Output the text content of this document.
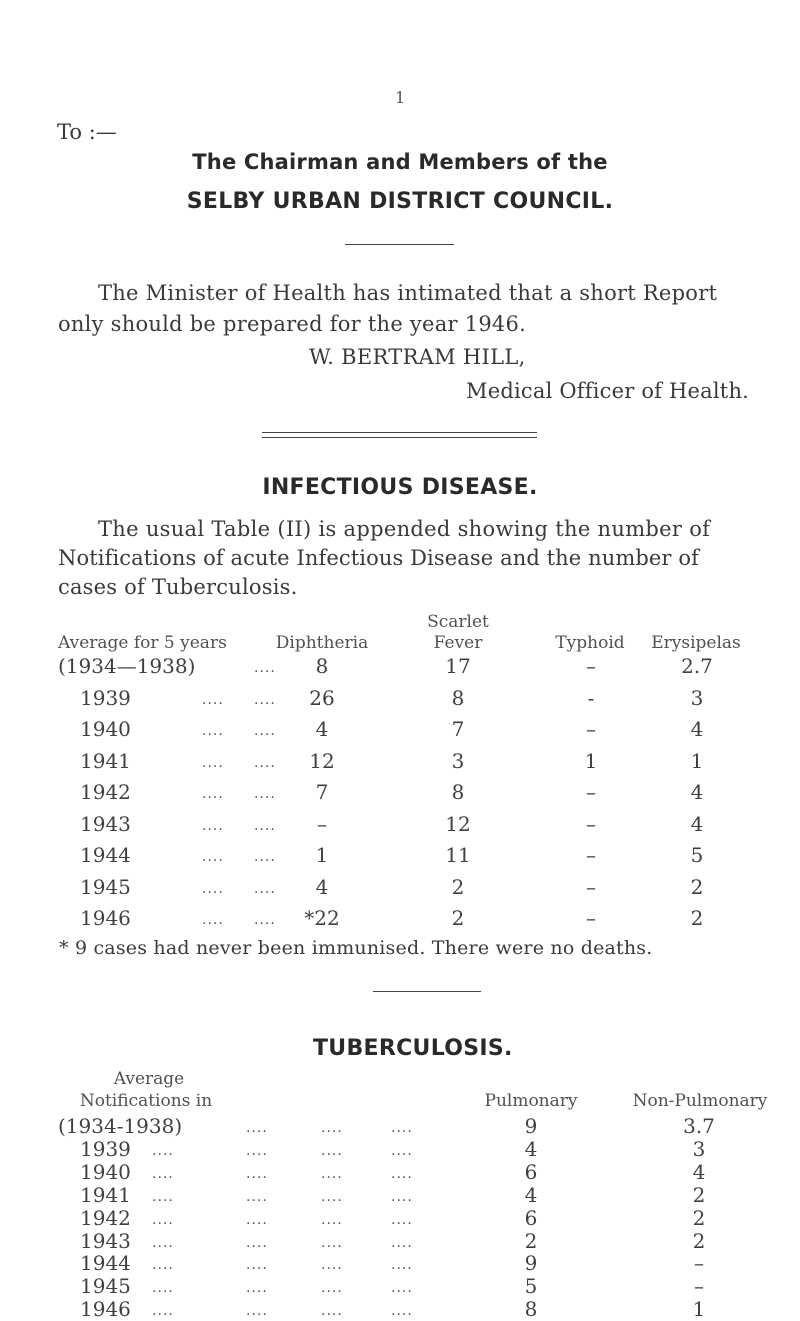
1
To :—
The Chairman and Members of the
SELBY URBAN DISTRICT COUNCIL.
The Minister of Health has intimated that a short Report
only should be prepared for the year 1946.
W. BERTRAM HILL,
Medical Officer of Health.
INFECTIOUS DISEASE.
The usual Table (II) is appended showing the number of
Notifications of acute Infectious Disease and the number of
cases of Tuberculosis.
Average for 5 years	Diphtheria
Scarlet
Fever	Typhoid Erysipelas
(1934—1938)	.... 8	17	–	2.7
1939	.... .... 26	8	-	3
1940	.... .... 4	7	–	4
1941	.... .... 12	3	1	1
1942	.... .... 7	8	–	4
1943	.... .... –	12	–	4
1944	.... .... 1	11	–	5
1945	.... .... 4	2	–	2
1946	.... .... *22	2	–	2
* 9 cases had never been immunised. There were no deaths.
TUBERCULOSIS.
Average
Notifications in	Pulmonary	Non-Pulmonary
(1934-1938)	....	....	....	9	3.7
1939 ....	....	....	....	4	3
1940 ....	....	....	....	6	4
1941 ....	....	....	....	4	2
1942 ....	....	....	....	6	2
1943 ....	....	....	....	2	2
1944 ....	....	....	....	9	–
1945 ....	....	....	....	5	–
1946 ....	....	....	....	8	1
